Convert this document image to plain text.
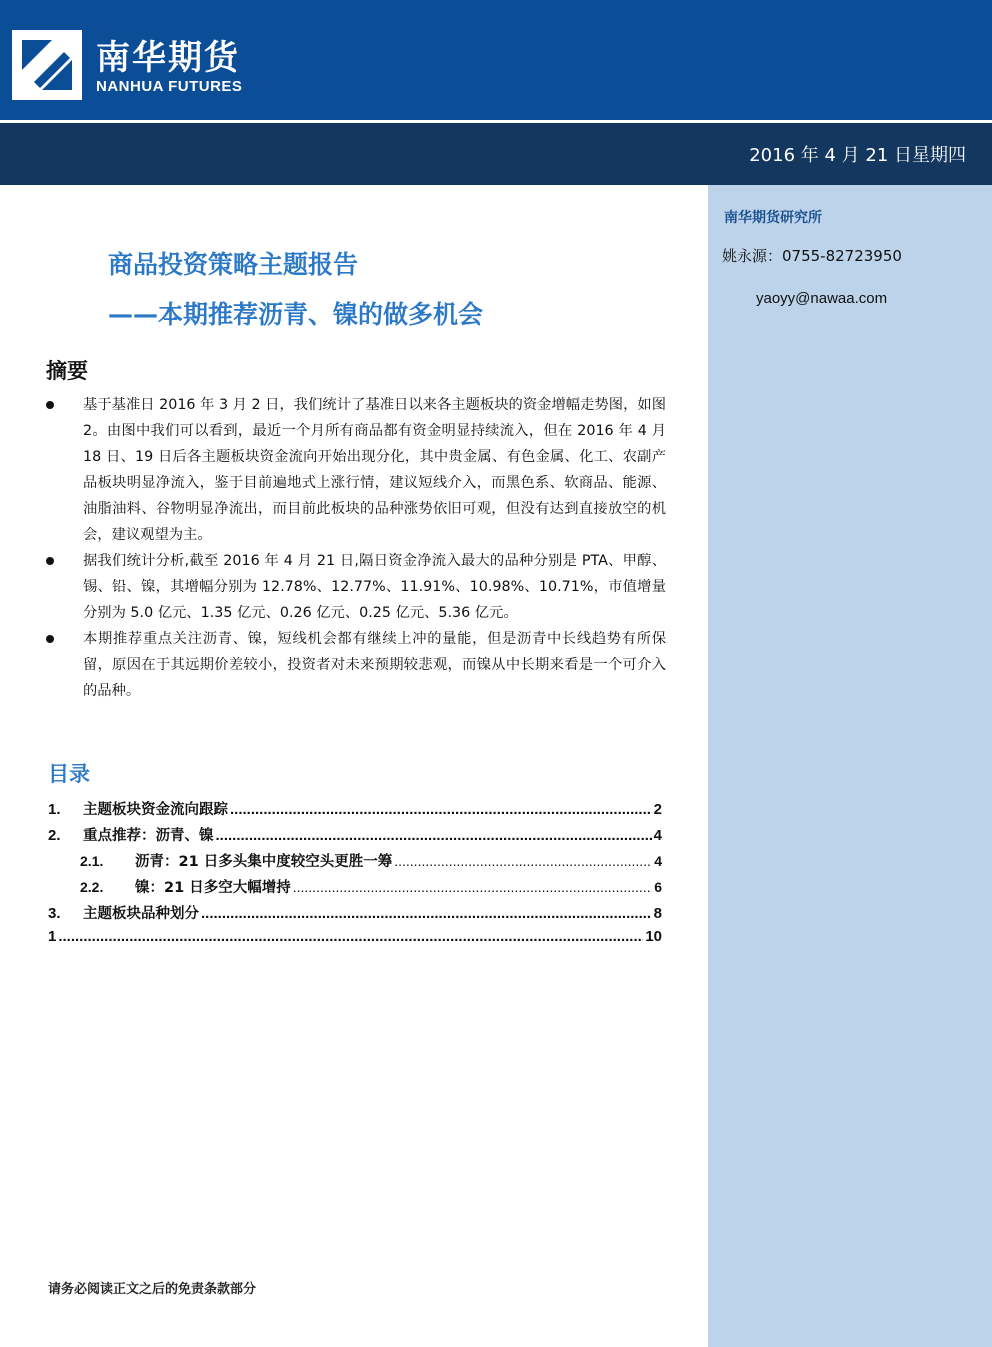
南华期货
NANHUA FUTURES
2016 年 4 月 21 日星期四
南华期货研究所
姚永源：0755-82723950
yaoyy@nawaa.com
商品投资策略主题报告
——本期推荐沥青、镍的做多机会
摘要
基于基准日 2016 年 3 月 2 日，我们统计了基准日以来各主题板块的资金增幅走势图，如图 2。由图中我们可以看到，最近一个月所有商品都有资金明显持续流入，但在 2016 年 4 月 18 日、19 日后各主题板块资金流向开始出现分化，其中贵金属、有色金属、化工、农副产品板块明显净流入，鉴于目前遍地式上涨行情，建议短线介入，而黑色系、软商品、能源、油脂油料、谷物明显净流出，而目前此板块的品种涨势依旧可观，但没有达到直接放空的机会，建议观望为主。
据我们统计分析,截至 2016 年 4 月 21 日,隔日资金净流入最大的品种分别是 PTA、甲醇、锡、铅、镍，其增幅分别为 12.78%、12.77%、11.91%、10.98%、10.71%，市值增量分别为 5.0 亿元、1.35 亿元、0.26 亿元、0.25 亿元、5.36 亿元。
本期推荐重点关注沥青、镍，短线机会都有继续上冲的量能，但是沥青中长线趋势有所保留，原因在于其远期价差较小，投资者对未来预期较悲观，而镍从中长期来看是一个可介入的品种。
目录
1.	主题板块资金流向跟踪 .....	2
2.	重点推荐：沥青、镍 .....	4
2.1.	沥青：21 日多头集中度较空头更胜一筹 .....	4
2.2.	镍：21 日多空大幅增持 .....	6
3.	主题板块品种划分 .....	8
1 .....	10
请务必阅读正文之后的免责条款部分
